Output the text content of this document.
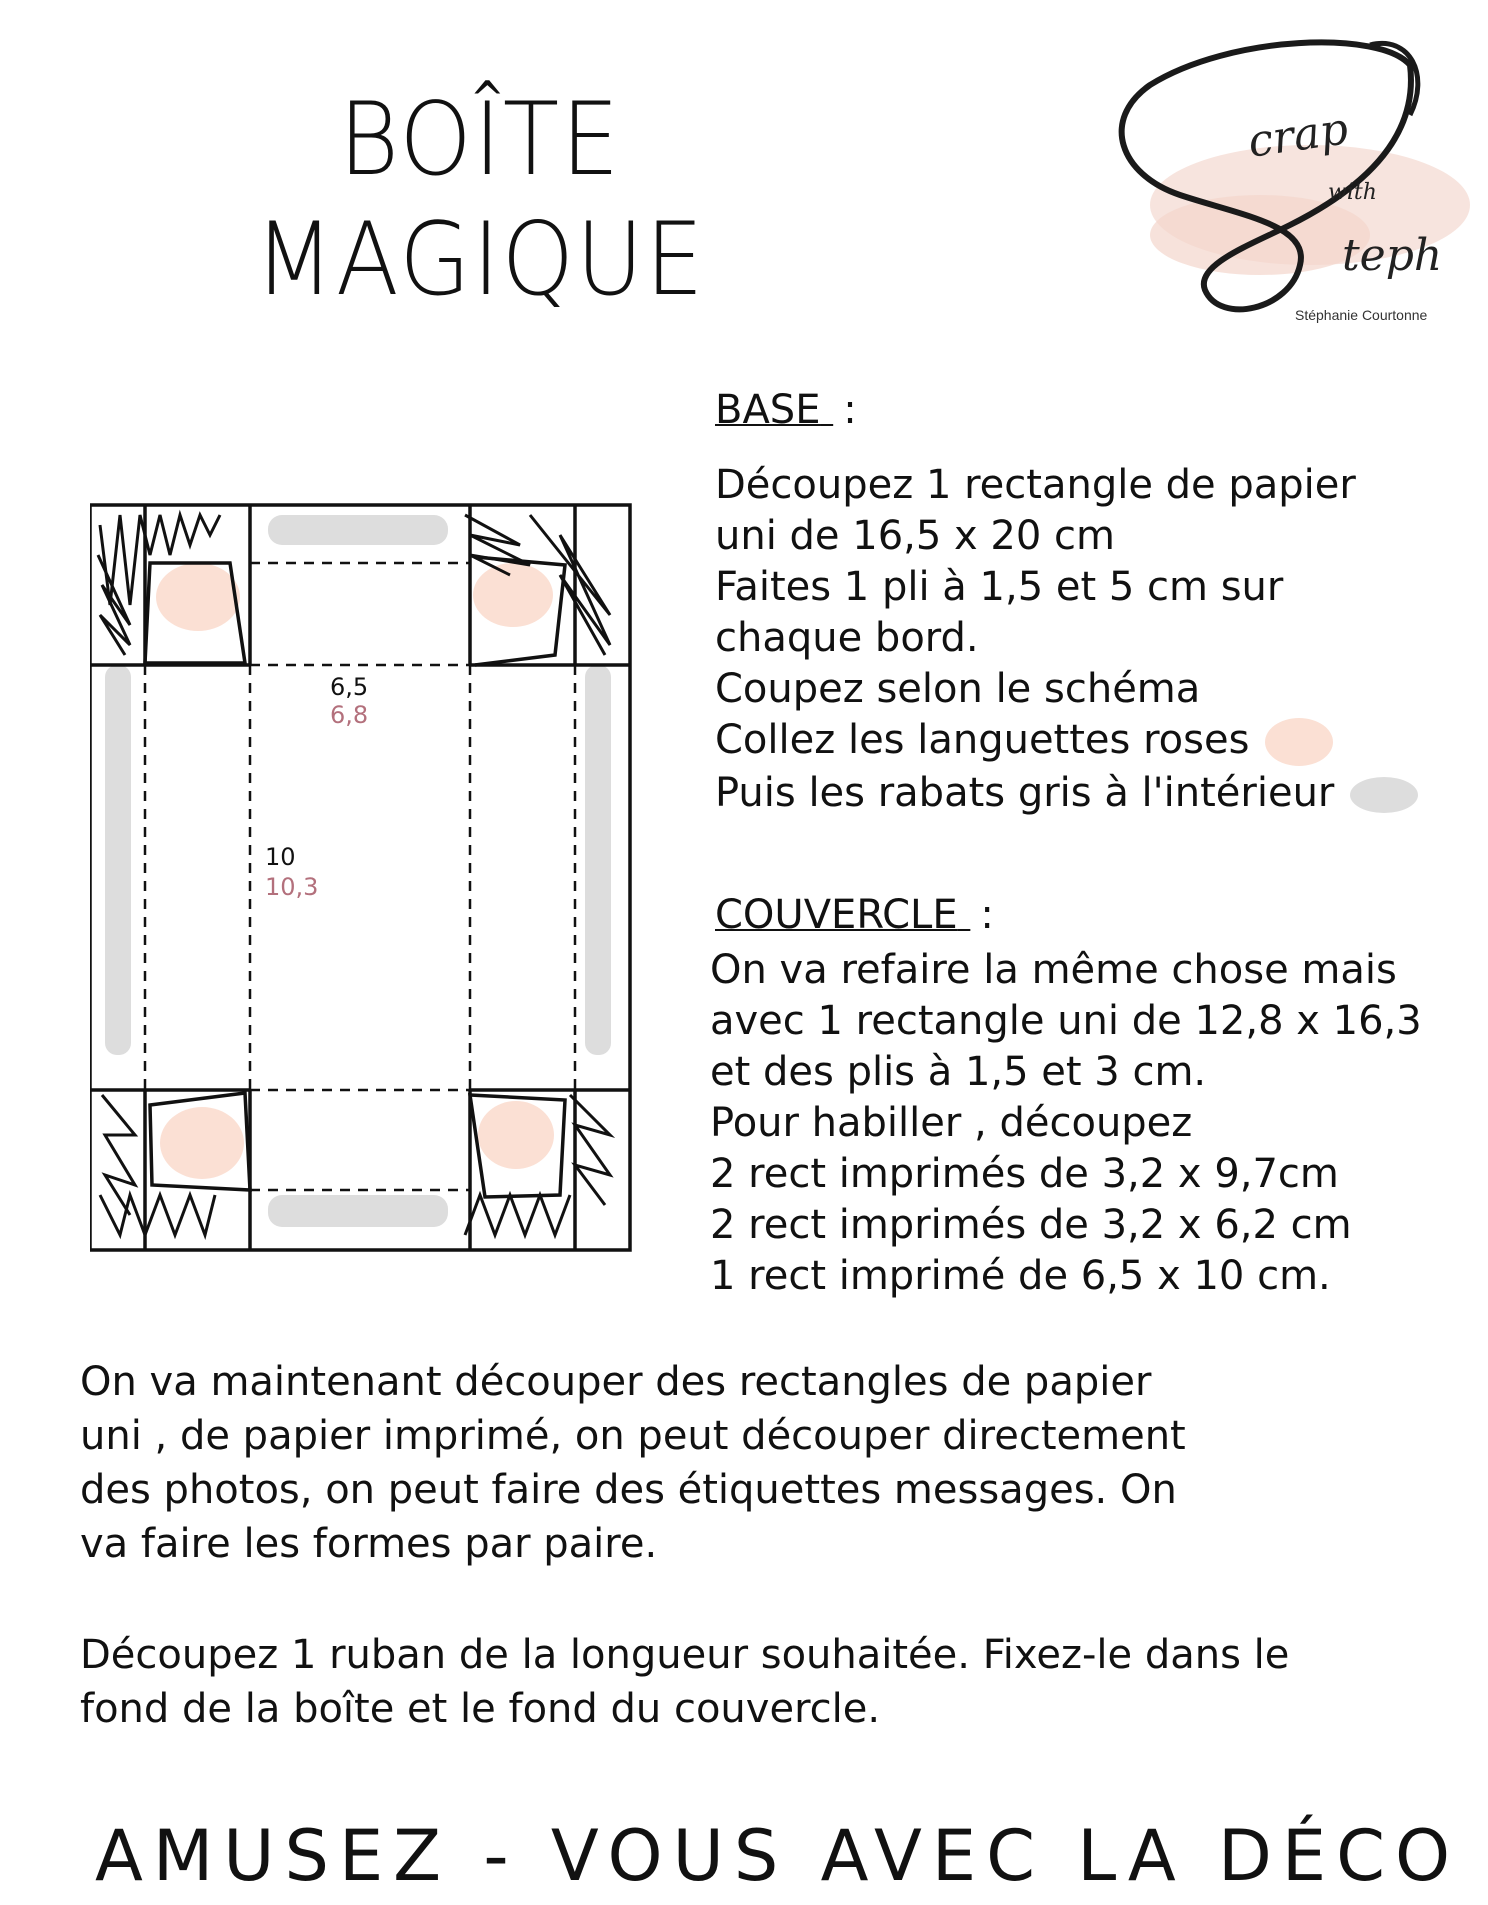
BOÎTE
MAGIQUE
crap
with
teph
Stéphanie Courtonne
6,5
6,8
10
10,3
BASE :
Découpez 1 rectangle de papier
uni de 16,5 x 20 cm
Faites 1 pli à 1,5 et 5 cm sur
chaque bord.
Coupez selon le schéma
Collez les languettes roses
Puis les rabats gris à l'intérieur
COUVERCLE :
On va refaire la même chose mais
avec 1 rectangle uni de 12,8 x 16,3
et des plis à 1,5 et 3 cm.
Pour habiller , découpez
2 rect imprimés de 3,2 x 9,7cm
2 rect imprimés de 3,2 x 6,2 cm
1 rect imprimé de 6,5 x 10 cm.
On va maintenant découper des rectangles de papier
uni , de papier imprimé, on peut découper directement
des photos, on peut faire des étiquettes messages. On
va faire les formes par paire.
Découpez 1 ruban de la longueur souhaitée. Fixez-le dans le
fond de la boîte et le fond du couvercle.
AMUSEZ - VOUS AVEC LA DÉCO
